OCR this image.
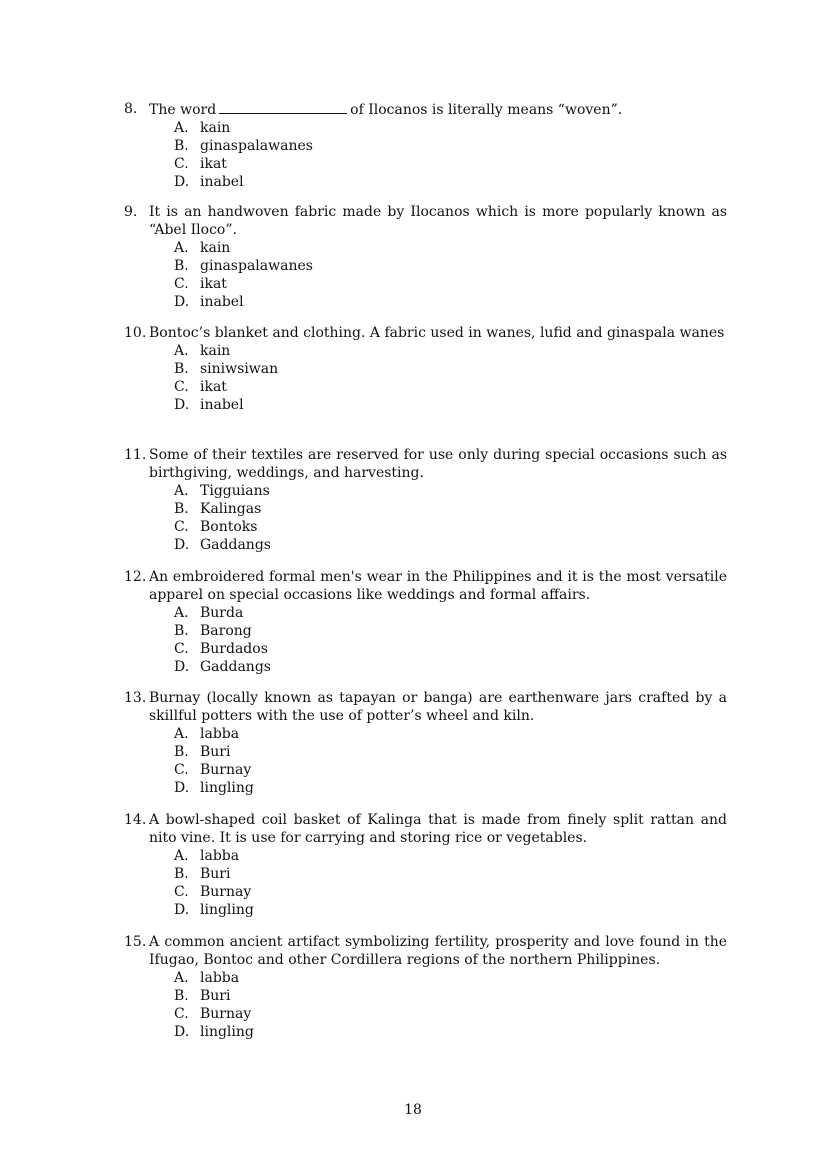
8. The word	of Ilocanos is literally means “woven”.
A. kain
B. ginaspalawanes
C. ikat
D. inabel
9. It is an handwoven fabric made by Ilocanos which is more popularly known as “Abel Iloco”.
A. kain
B. ginaspalawanes
C. ikat
D. inabel
10. Bontoc’s blanket and clothing. A fabric used in wanes, lufid and ginaspala wanes
A. kain
B. siniwsiwan
C. ikat
D. inabel
11. Some of their textiles are reserved for use only during special occasions such as birthgiving, weddings, and harvesting.
A. Tigguians
B. Kalingas
C. Bontoks
D. Gaddangs
12. An embroidered formal men's wear in the Philippines and it is the most versatile apparel on special occasions like weddings and formal affairs.
A. Burda
B. Barong
C. Burdados
D. Gaddangs
13. Burnay (locally known as tapayan or banga) are earthenware jars crafted by a skillful potters with the use of potter’s wheel and kiln.
A. labba
B. Buri
C. Burnay
D. lingling
14. A bowl-shaped coil basket of Kalinga that is made from finely split rattan and nito vine. It is use for carrying and storing rice or vegetables.
A. labba
B. Buri
C. Burnay
D. lingling
15. A common ancient artifact symbolizing fertility, prosperity and love found in the Ifugao, Bontoc and other Cordillera regions of the northern Philippines.
A. labba
B. Buri
C. Burnay
D. lingling
18
